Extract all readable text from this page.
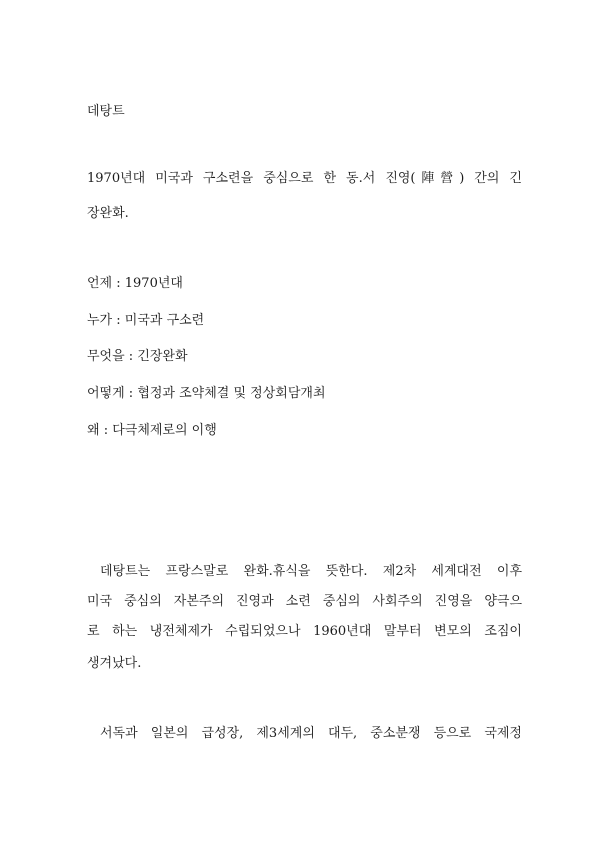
데탕트
1970년대 미국과 구소련을 중심으로 한 동.서 진영(陣營) 간의 긴
장완화.
언제 : 1970년대
누가 : 미국과 구소련
무엇을 : 긴장완화
어떻게 : 협정과 조약체결 및 정상회담개최
왜 : 다극체제로의 이행
데탕트는 프랑스말로 완화.휴식을 뜻한다. 제2차 세계대전 이후
미국 중심의 자본주의 진영과 소련 중심의 사회주의 진영을 양극으
로 하는 냉전체제가 수립되었으나 1960년대 말부터 변모의 조짐이
생겨났다.
서독과 일본의 급성장, 제3세계의 대두, 중소분쟁 등으로 국제정
